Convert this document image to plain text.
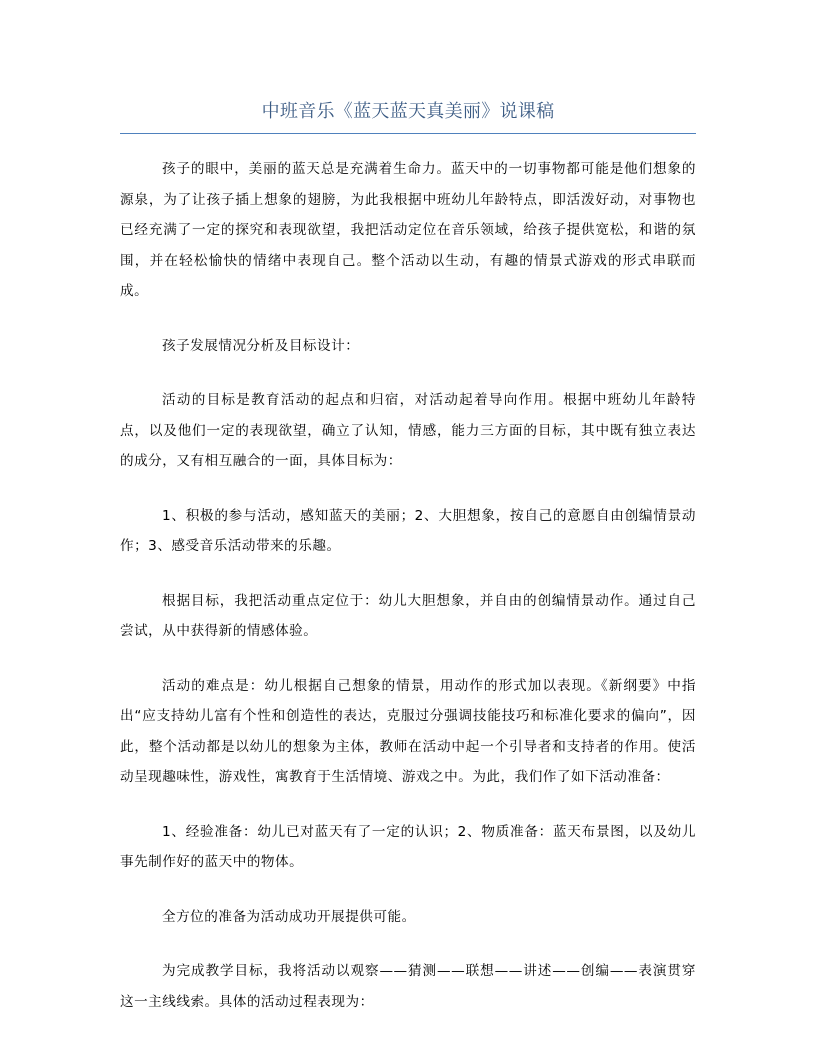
中班音乐《蓝天蓝天真美丽》说课稿

孩子的眼中，美丽的蓝天总是充满着生命力。蓝天中的一切事物都可能是他们想象的源泉，为了让孩子插上想象的翅膀，为此我根据中班幼儿年龄特点，即活泼好动，对事物也已经充满了一定的探究和表现欲望，我把活动定位在音乐领域，给孩子提供宽松，和谐的氛围，并在轻松愉快的情绪中表现自己。整个活动以生动，有趣的情景式游戏的形式串联而成。

孩子发展情况分析及目标设计：

活动的目标是教育活动的起点和归宿，对活动起着导向作用。根据中班幼儿年龄特点，以及他们一定的表现欲望，确立了认知，情感，能力三方面的目标，其中既有独立表达的成分，又有相互融合的一面，具体目标为：

1、积极的参与活动，感知蓝天的美丽；2、大胆想象，按自己的意愿自由创编情景动作；3、感受音乐活动带来的乐趣。

根据目标，我把活动重点定位于：幼儿大胆想象，并自由的创编情景动作。通过自己尝试，从中获得新的情感体验。

活动的难点是：幼儿根据自己想象的情景，用动作的形式加以表现。《新纲要》中指出“应支持幼儿富有个性和创造性的表达，克服过分强调技能技巧和标准化要求的偏向”，因此，整个活动都是以幼儿的想象为主体，教师在活动中起一个引导者和支持者的作用。使活动呈现趣味性，游戏性，寓教育于生活情境、游戏之中。为此，我们作了如下活动准备：

1、经验准备：幼儿已对蓝天有了一定的认识；2、物质准备：蓝天布景图，以及幼儿事先制作好的蓝天中的物体。

全方位的准备为活动成功开展提供可能。

为完成教学目标，我将活动以观察——猜测——联想——讲述——创编——表演贯穿这一主线线索。具体的活动过程表现为：
